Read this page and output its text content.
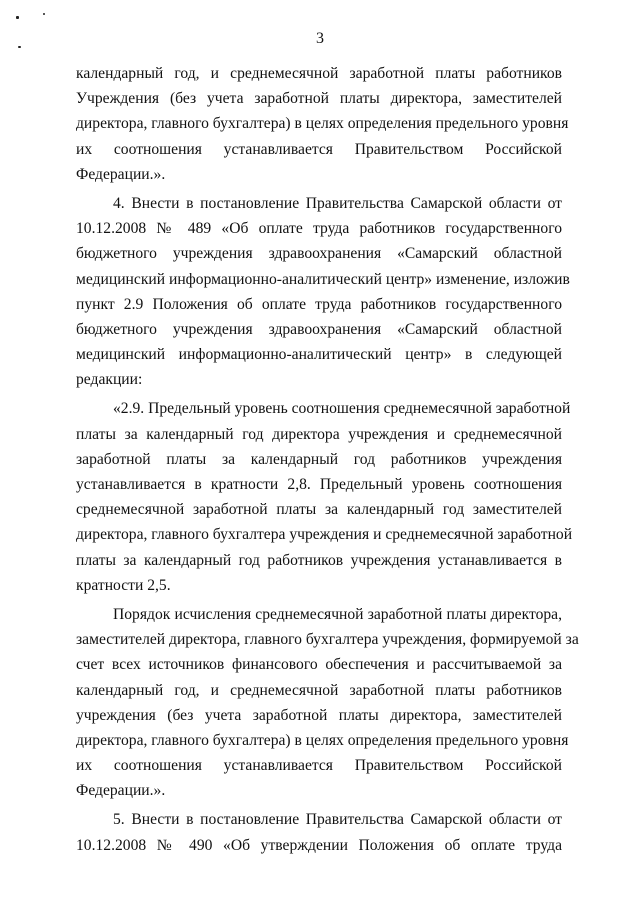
3
календарный год, и среднемесячной заработной платы работников
Учреждения (без учета заработной платы директора, заместителей
директора, главного бухгалтера) в целях определения предельного уровня
их соотношения устанавливается Правительством Российской
Федерации.».
4. Внести в постановление Правительства Самарской области от
10.12.2008 № 489 «Об оплате труда работников государственного
бюджетного учреждения здравоохранения «Самарский областной
медицинский информационно-аналитический центр» изменение, изложив
пункт 2.9 Положения об оплате труда работников государственного
бюджетного учреждения здравоохранения «Самарский областной
медицинский информационно-аналитический центр» в следующей
редакции:
«2.9. Предельный уровень соотношения среднемесячной заработной
платы за календарный год директора учреждения и среднемесячной
заработной платы за календарный год работников учреждения
устанавливается в кратности 2,8. Предельный уровень соотношения
среднемесячной заработной платы за календарный год заместителей
директора, главного бухгалтера учреждения и среднемесячной заработной
платы за календарный год работников учреждения устанавливается в
кратности 2,5.
Порядок исчисления среднемесячной заработной платы директора,
заместителей директора, главного бухгалтера учреждения, формируемой за
счет всех источников финансового обеспечения и рассчитываемой за
календарный год, и среднемесячной заработной платы работников
учреждения (без учета заработной платы директора, заместителей
директора, главного бухгалтера) в целях определения предельного уровня
их соотношения устанавливается Правительством Российской
Федерации.».
5. Внести в постановление Правительства Самарской области от
10.12.2008 № 490 «Об утверждении Положения об оплате труда
